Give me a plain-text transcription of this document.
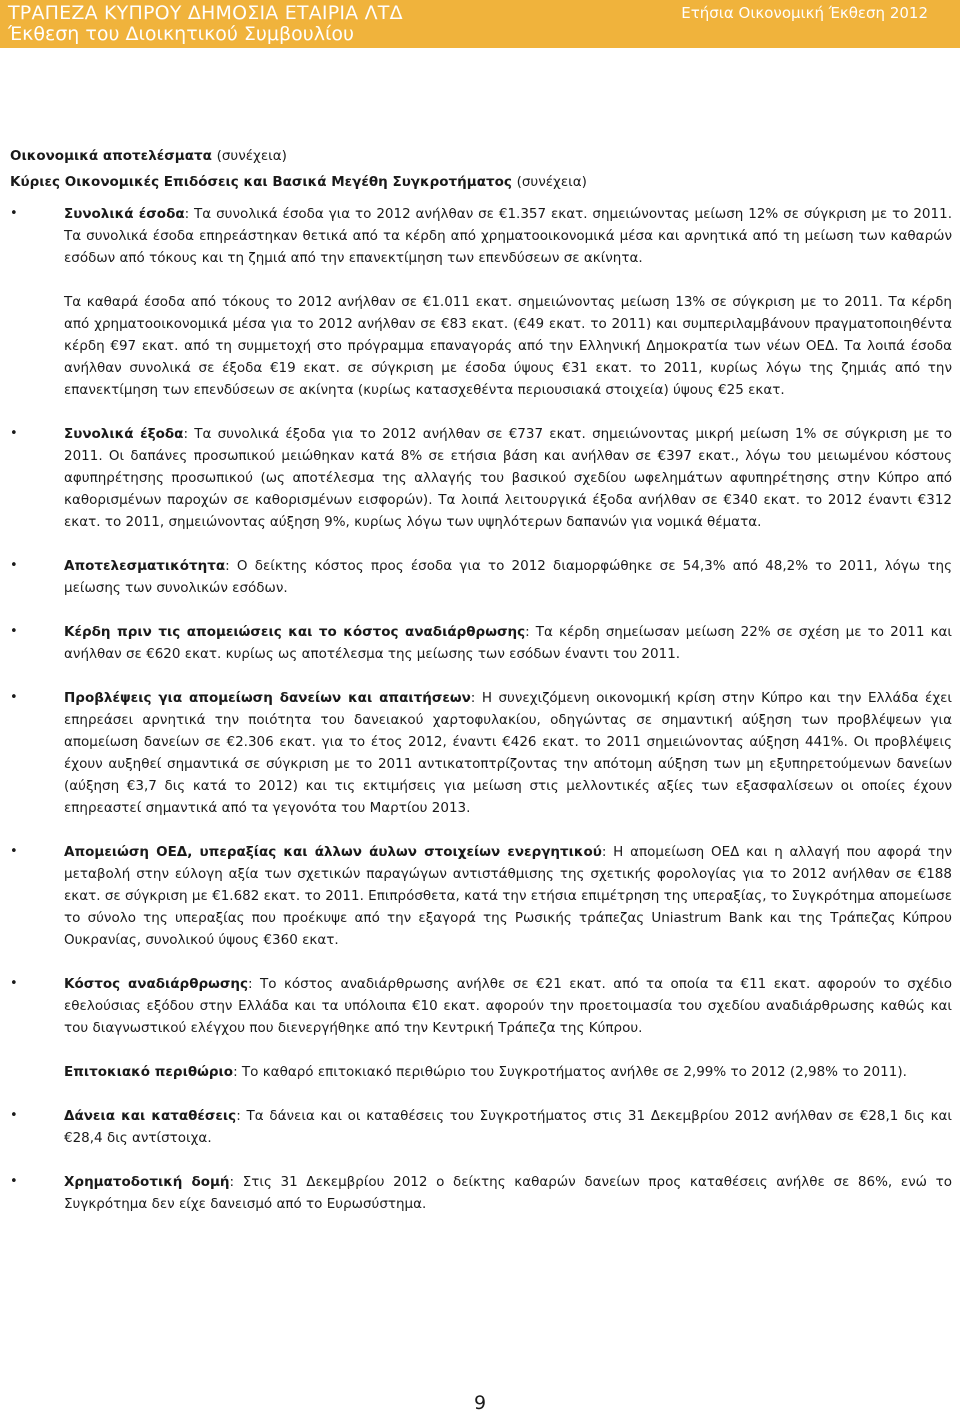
ΤΡΑΠΕΖΑ ΚΥΠΡΟΥ ΔΗΜΟΣΙΑ ΕΤΑΙΡΙΑ ΛΤΔ
Έκθεση του Διοικητικού Συμβουλίου
Ετήσια Οικονομική Έκθεση 2012

Οικονομικά αποτελέσματα (συνέχεια)

Κύριες Οικονομικές Επιδόσεις και Βασικά Μεγέθη Συγκροτήματος (συνέχεια)

•	Συνολικά έσοδα: Τα συνολικά έσοδα για το 2012 ανήλθαν σε €1.357 εκατ. σημειώνοντας μείωση 12% σε σύγκριση με το 2011. Τα συνολικά έσοδα επηρεάστηκαν θετικά από τα κέρδη από χρηματοοικονομικά μέσα και αρνητικά από τη μείωση των καθαρών εσόδων από τόκους και τη ζημιά από την επανεκτίμηση των επενδύσεων σε ακίνητα.

Τα καθαρά έσοδα από τόκους το 2012 ανήλθαν σε €1.011 εκατ. σημειώνοντας μείωση 13% σε σύγκριση με το 2011. Τα κέρδη από χρηματοοικονομικά μέσα για το 2012 ανήλθαν σε €83 εκατ. (€49 εκατ. το 2011) και συμπεριλαμβάνουν πραγματοποιηθέντα κέρδη €97 εκατ. από τη συμμετοχή στο πρόγραμμα επαναγοράς από την Ελληνική Δημοκρατία των νέων ΟΕΔ. Τα λοιπά έσοδα ανήλθαν συνολικά σε έξοδα €19 εκατ. σε σύγκριση με έσοδα ύψους €31 εκατ. το 2011, κυρίως λόγω της ζημιάς από την επανεκτίμηση των επενδύσεων σε ακίνητα (κυρίως κατασχεθέντα περιουσιακά στοιχεία) ύψους €25 εκατ.

•	Συνολικά έξοδα: Τα συνολικά έξοδα για το 2012 ανήλθαν σε €737 εκατ. σημειώνοντας μικρή μείωση 1% σε σύγκριση με το 2011. Οι δαπάνες προσωπικού μειώθηκαν κατά 8% σε ετήσια βάση και ανήλθαν σε €397 εκατ., λόγω του μειωμένου κόστους αφυπηρέτησης προσωπικού (ως αποτέλεσμα της αλλαγής του βασικού σχεδίου ωφελημάτων αφυπηρέτησης στην Κύπρο από καθορισμένων παροχών σε καθορισμένων εισφορών). Τα λοιπά λειτουργικά έξοδα ανήλθαν σε €340 εκατ. το 2012 έναντι €312 εκατ. το 2011, σημειώνοντας αύξηση 9%, κυρίως λόγω των υψηλότερων δαπανών για νομικά θέματα.

•	Αποτελεσματικότητα: Ο δείκτης κόστος προς έσοδα για το 2012 διαμορφώθηκε σε 54,3% από 48,2% το 2011, λόγω της μείωσης των συνολικών εσόδων.

•	Κέρδη πριν τις απομειώσεις και το κόστος αναδιάρθρωσης: Τα κέρδη σημείωσαν μείωση 22% σε σχέση με το 2011 και ανήλθαν σε €620 εκατ. κυρίως ως αποτέλεσμα της μείωσης των εσόδων έναντι του 2011.

•	Προβλέψεις για απομείωση δανείων και απαιτήσεων: Η συνεχιζόμενη οικονομική κρίση στην Κύπρο και την Ελλάδα έχει επηρεάσει αρνητικά την ποιότητα του δανειακού χαρτοφυλακίου, οδηγώντας σε σημαντική αύξηση των προβλέψεων για απομείωση δανείων σε €2.306 εκατ. για το έτος 2012, έναντι €426 εκατ. το 2011 σημειώνοντας αύξηση 441%. Οι προβλέψεις έχουν αυξηθεί σημαντικά σε σύγκριση με το 2011 αντικατοπτρίζοντας την απότομη αύξηση των μη εξυπηρετούμενων δανείων (αύξηση €3,7 δις κατά το 2012) και τις εκτιμήσεις για μείωση στις μελλοντικές αξίες των εξασφαλίσεων οι οποίες έχουν επηρεαστεί σημαντικά από τα γεγονότα του Μαρτίου 2013.

•	Απομειώση ΟΕΔ, υπεραξίας και άλλων άυλων στοιχείων ενεργητικού: Η απομείωση ΟΕΔ και η αλλαγή που αφορά την μεταβολή στην εύλογη αξία των σχετικών παραγώγων αντιστάθμισης της σχετικής φορολογίας για το 2012 ανήλθαν σε €188 εκατ. σε σύγκριση με €1.682 εκατ. το 2011. Επιπρόσθετα, κατά την ετήσια επιμέτρηση της υπεραξίας, το Συγκρότημα απομείωσε το σύνολο της υπεραξίας που προέκυψε από την εξαγορά της Ρωσικής τράπεζας Uniastrum Bank και της Τράπεζας Κύπρου Ουκρανίας, συνολικού ύψους €360 εκατ.

•	Κόστος αναδιάρθρωσης: Το κόστος αναδιάρθρωσης ανήλθε σε €21 εκατ. από τα οποία τα €11 εκατ. αφορούν το σχέδιο εθελούσιας εξόδου στην Ελλάδα και τα υπόλοιπα €10 εκατ. αφορούν την προετοιμασία του σχεδίου αναδιάρθρωσης καθώς και του διαγνωστικού ελέγχου που διενεργήθηκε από την Κεντρική Τράπεζα της Κύπρου.

Επιτοκιακό περιθώριο: Το καθαρό επιτοκιακό περιθώριο του Συγκροτήματος ανήλθε σε 2,99% το 2012 (2,98% το 2011).

•	Δάνεια και καταθέσεις: Τα δάνεια και οι καταθέσεις του Συγκροτήματος στις 31 Δεκεμβρίου 2012 ανήλθαν σε €28,1 δις και €28,4 δις αντίστοιχα.

•	Χρηματοδοτική δομή: Στις 31 Δεκεμβρίου 2012 ο δείκτης καθαρών δανείων προς καταθέσεις ανήλθε σε 86%, ενώ το Συγκρότημα δεν είχε δανεισμό από το Ευρωσύστημα.

9
